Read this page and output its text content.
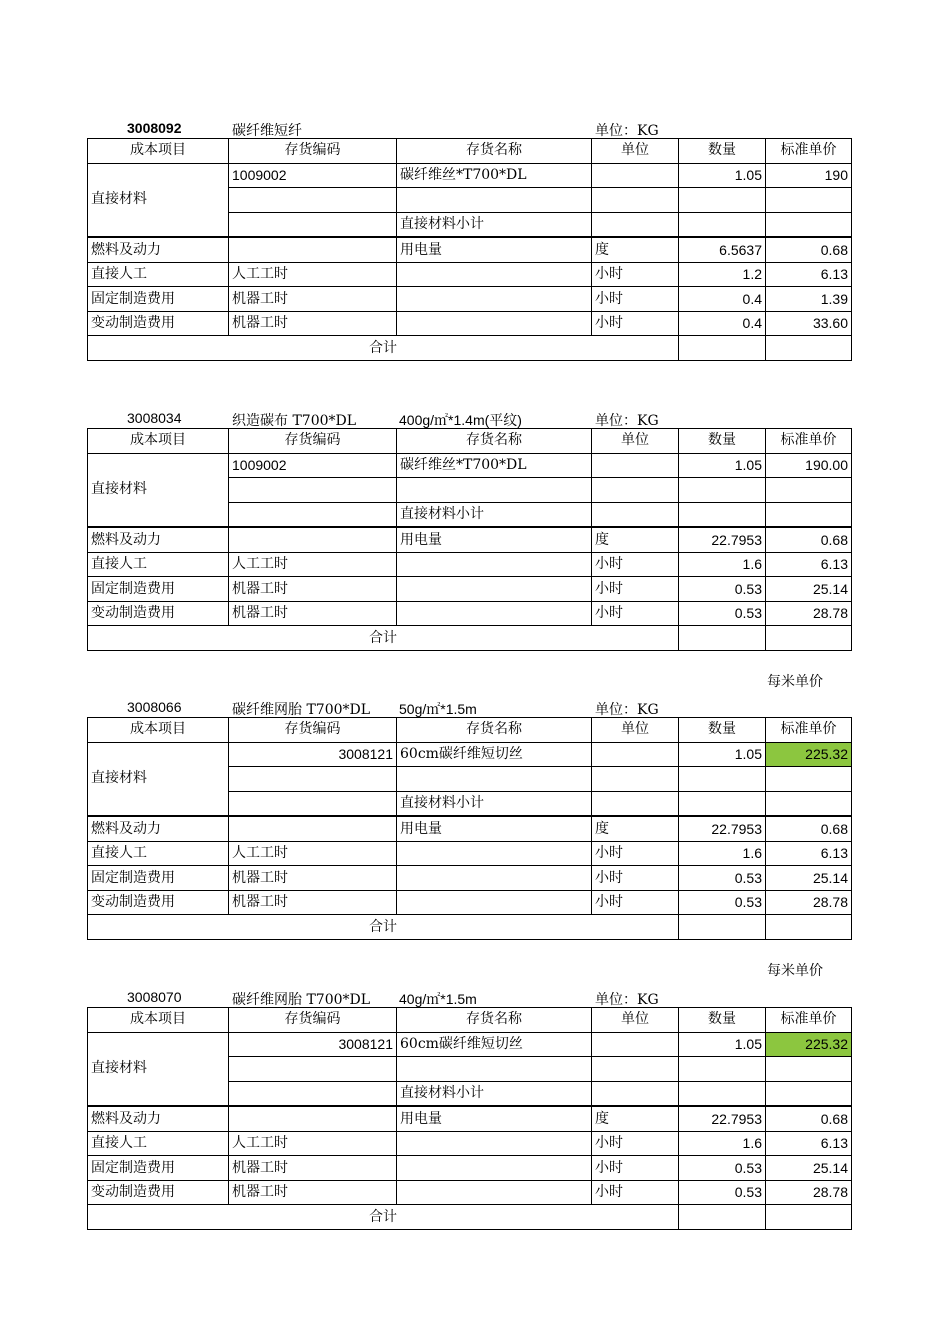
3008092	碳纤维短纤	单位：KG
成本项目	存货编码	存货名称	单位	数量	标准单价
直接材料	1009002	碳纤维丝*T700*DL		1.05	190

		直接材料小计			
燃料及动力		用电量	度	6.5637	0.68
直接人工	人工工时		小时	1.2	6.13
固定制造费用	机器工时		小时	0.4	1.39
变动制造费用	机器工时		小时	0.4	33.60
合计					
3008034	织造碳布 T700*DL	400g/㎡*1.4m(平纹)	单位：KG
成本项目	存货编码	存货名称	单位	数量	标准单价
直接材料	1009002	碳纤维丝*T700*DL		1.05	190.00

		直接材料小计			
燃料及动力		用电量	度	22.7953	0.68
直接人工	人工工时		小时	1.6	6.13
固定制造费用	机器工时		小时	0.53	25.14
变动制造费用	机器工时		小时	0.53	28.78
合计					
每米单价
3008066	碳纤维网胎 T700*DL 50g/㎡*1.5m	单位：KG
成本项目	存货编码	存货名称	单位	数量	标准单价
直接材料	3008121	60cm碳纤维短切丝		1.05	225.32

		直接材料小计			
燃料及动力		用电量	度	22.7953	0.68
直接人工	人工工时		小时	1.6	6.13
固定制造费用	机器工时		小时	0.53	25.14
变动制造费用	机器工时		小时	0.53	28.78
合计					
每米单价
3008070	碳纤维网胎 T700*DL 40g/㎡*1.5m	单位：KG
成本项目	存货编码	存货名称	单位	数量	标准单价
直接材料	3008121	60cm碳纤维短切丝		1.05	225.32

		直接材料小计			
燃料及动力		用电量	度	22.7953	0.68
直接人工	人工工时		小时	1.6	6.13
固定制造费用	机器工时		小时	0.53	25.14
变动制造费用	机器工时		小时	0.53	28.78
合计					
